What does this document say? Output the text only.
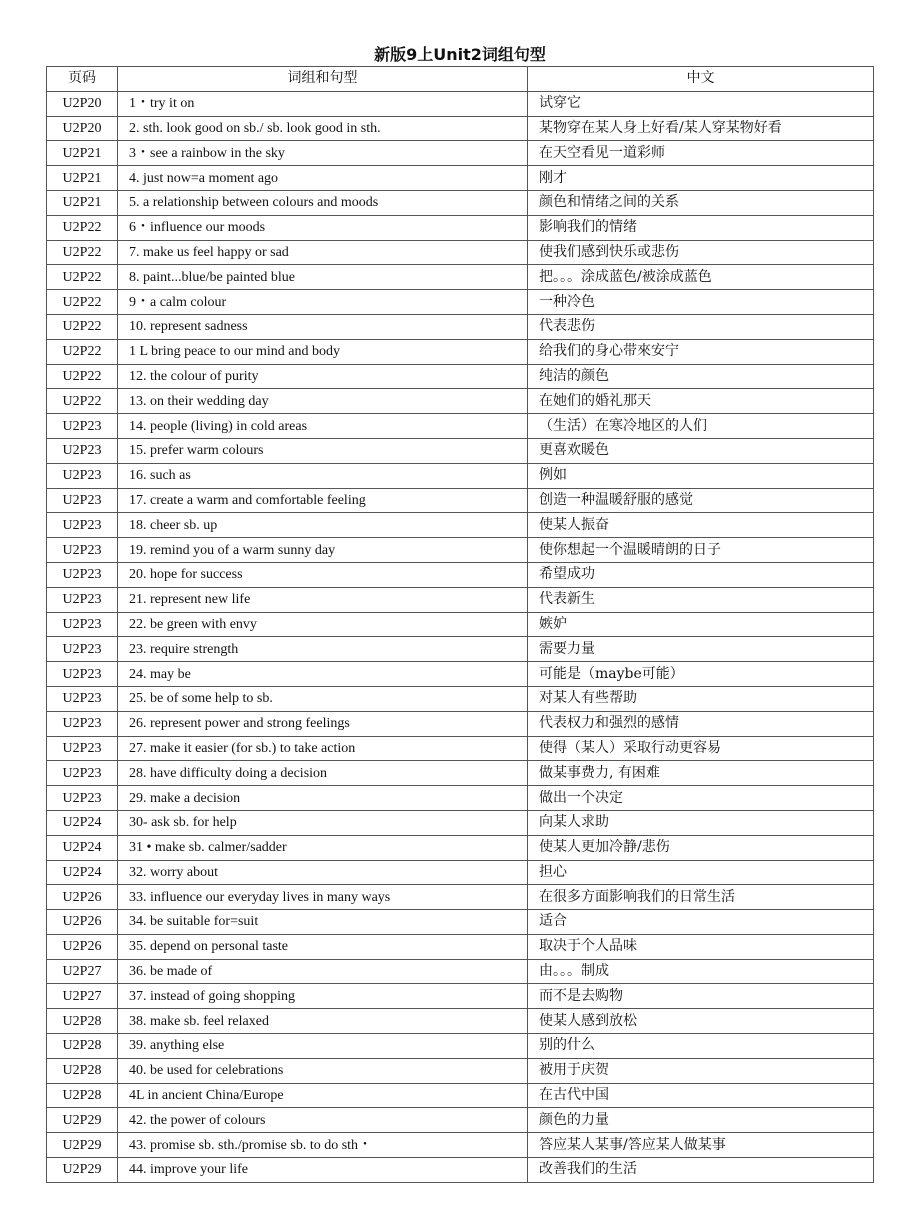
新版9上Unit2词组句型
页码	词组和句型	中文
U2P20	1・try it on	试穿它
U2P20	2. sth. look good on sb./ sb. look good in sth.	某物穿在某人身上好看/某人穿某物好看
U2P21	3・see a rainbow in the sky	在天空看见一道彩师
U2P21	4. just now=a moment ago	刚才
U2P21	5. a relationship between colours and moods	颜色和情绪之间的关系
U2P22	6・influence our moods	影响我们的情绪
U2P22	7. make us feel happy or sad	使我们感到快乐或悲伤
U2P22	8. paint...blue/be painted blue	把。。。涂成蓝色/被涂成蓝色
U2P22	9・a calm colour	一种冷色
U2P22	10. represent sadness	代表悲伤
U2P22	1 L bring peace to our mind and body	给我们的身心带來安宁
U2P22	12. the colour of purity	纯洁的颜色
U2P22	13. on their wedding day	在她们的婚礼那天
U2P23	14. people (living) in cold areas	（生活）在寒冷地区的人们
U2P23	15. prefer warm colours	更喜欢暖色
U2P23	16. such as	例如
U2P23	17. create a warm and comfortable feeling	创造一种温暖舒服的感觉
U2P23	18. cheer sb. up	使某人振奋
U2P23	19. remind you of a warm sunny day	使你想起一个温暖晴朗的日子
U2P23	20. hope for success	希望成功
U2P23	21. represent new life	代表新生
U2P23	22. be green with envy	嫉妒
U2P23	23. require strength	需要力量
U2P23	24. may be	可能是（maybe可能）
U2P23	25. be of some help to sb.	对某人有些帮助
U2P23	26. represent power and strong feelings	代表权力和强烈的感情
U2P23	27. make it easier (for sb.) to take action	使得（某人）采取行动更容易
U2P23	28. have difficulty doing a decision	做某事费力, 有困难
U2P23	29. make a decision	做出一个决定
U2P24	30- ask sb. for help	向某人求助
U2P24	31 • make sb. calmer/sadder	使某人更加冷静/悲伤
U2P24	32. worry about	担心
U2P26	33. influence our everyday lives in many ways	在很多方面影响我们的日常生活
U2P26	34. be suitable for=suit	适合
U2P26	35. depend on personal taste	取决于个人品味
U2P27	36. be made of	由。。。制成
U2P27	37. instead of going shopping	而不是去购物
U2P28	38. make sb. feel relaxed	使某人感到放松
U2P28	39. anything else	别的什么
U2P28	40. be used for celebrations	被用于庆贺
U2P28	4L in ancient China/Europe	在古代中国
U2P29	42. the power of colours	颜色的力量
U2P29	43. promise sb. sth./promise sb. to do sth・	答应某人某事/答应某人做某事
U2P29	44. improve your life	改善我们的生活
